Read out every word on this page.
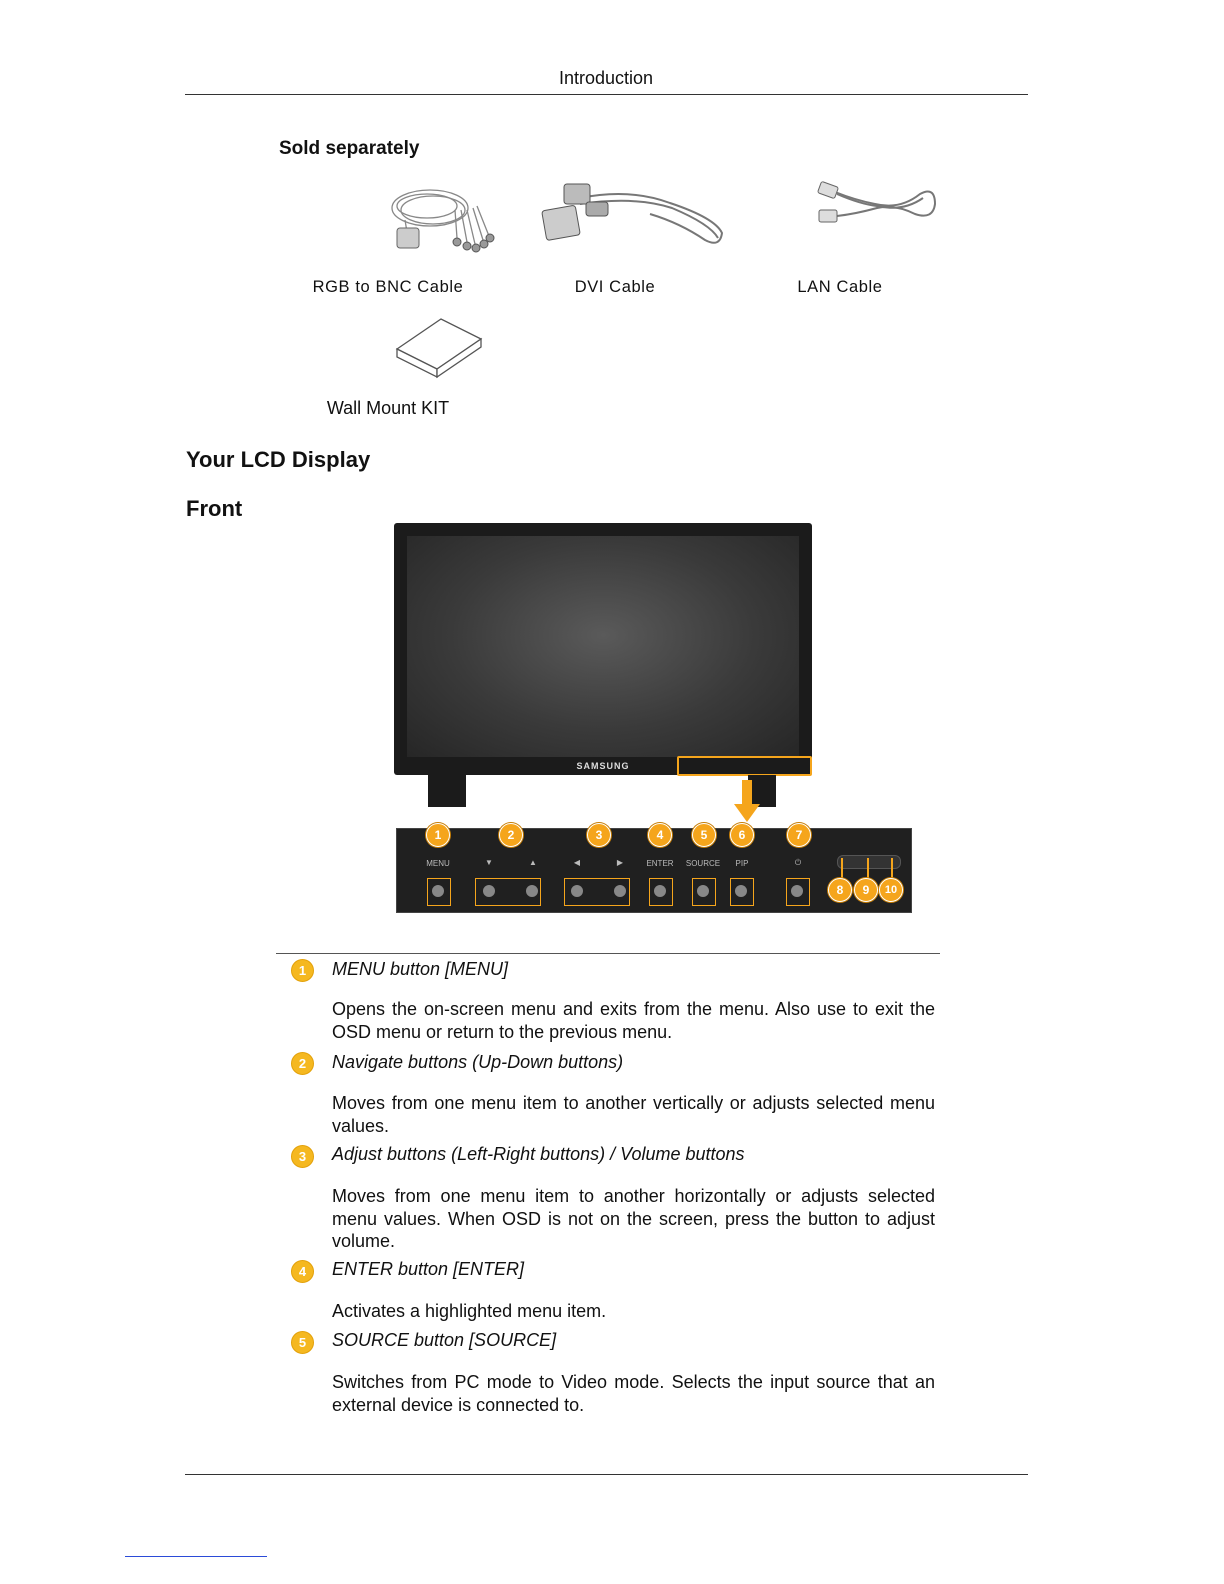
Introduction
Sold separately
RGB to BNC Cable	DVI Cable	LAN Cable
Wall Mount KIT
Your LCD Display
Front
SAMSUNG
MENU	▼	▲	◀	▶	ENTER	SOURCE	PIP	⏻
1	2	3	4	5	6	7
8	9	10
1	MENU button [MENU]
Opens the on-screen menu and exits from the menu. Also use to exit the OSD menu or return to the previous menu.
2	Navigate buttons (Up-Down buttons)
Moves from one menu item to another vertically or adjusts selected menu values.
3	Adjust buttons (Left-Right buttons) / Volume buttons
Moves from one menu item to another horizontally or adjusts selected menu values. When OSD is not on the screen, press the button to adjust volume.
4	ENTER button [ENTER]
Activates a highlighted menu item.
5	SOURCE button [SOURCE]
Switches from PC mode to Video mode. Selects the input source that an external device is connected to.
